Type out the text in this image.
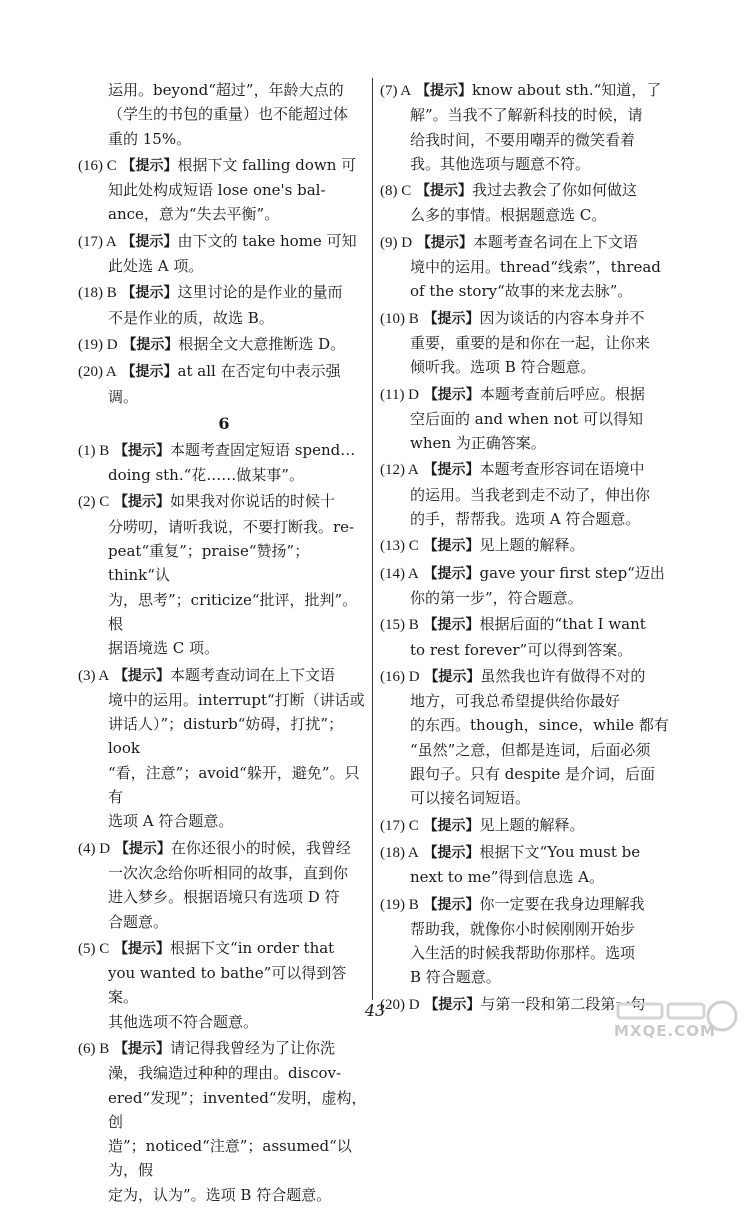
运用。beyond“超过”，年龄大点的
（学生的书包的重量）也不能超过体
重的 15%。
(16) C 【提示】根据下文 falling down 可
知此处构成短语 lose one's bal-
ance，意为“失去平衡”。
(17) A 【提示】由下文的 take home 可知
此处选 A 项。
(18) B 【提示】这里讨论的是作业的量而
不是作业的质，故选 B。
(19) D 【提示】根据全文大意推断选 D。
(20) A 【提示】at all 在否定句中表示强调。
6
(1) B 【提示】本题考查固定短语 spend…
doing sth.“花……做某事”。
(2) C 【提示】如果我对你说话的时候十
分唠叨，请听我说，不要打断我。re-
peat“重复”；praise“赞扬”；think“认
为，思考”；criticize“批评，批判”。根
据语境选 C 项。
(3) A 【提示】本题考查动词在上下文语
境中的运用。interrupt“打断（讲话或
讲话人）”；disturb“妨碍，打扰”；look
“看，注意”；avoid“躲开，避免”。只有
选项 A 符合题意。
(4) D 【提示】在你还很小的时候，我曾经
一次次念给你听相同的故事，直到你
进入梦乡。根据语境只有选项 D 符
合题意。
(5) C 【提示】根据下文“in order that
you wanted to bathe”可以得到答案。
其他选项不符合题意。
(6) B 【提示】请记得我曾经为了让你洗
澡，我编造过种种的理由。discov-
ered“发现”；invented“发明，虚构，创
造”；noticed“注意”；assumed“以为，假
定为，认为”。选项 B 符合题意。
(7) A 【提示】know about sth.“知道，了
解”。当我不了解新科技的时候，请
给我时间，不要用嘲弄的微笑看着
我。其他选项与题意不符。
(8) C 【提示】我过去教会了你如何做这
么多的事情。根据题意选 C。
(9) D 【提示】本题考查名词在上下文语
境中的运用。thread“线索”，thread
of the story“故事的来龙去脉”。
(10) B 【提示】因为谈话的内容本身并不
重要，重要的是和你在一起，让你来
倾听我。选项 B 符合题意。
(11) D 【提示】本题考查前后呼应。根据
空后面的 and when not 可以得知
when 为正确答案。
(12) A 【提示】本题考查形容词在语境中
的运用。当我老到走不动了，伸出你
的手，帮帮我。选项 A 符合题意。
(13) C 【提示】见上题的解释。
(14) A 【提示】gave your first step“迈出
你的第一步”，符合题意。
(15) B 【提示】根据后面的“that I want
to rest forever”可以得到答案。
(16) D 【提示】虽然我也许有做得不对的
地方，可我总希望提供给你最好
的东西。though，since，while 都有
“虽然”之意，但都是连词，后面必须
跟句子。只有 despite 是介词，后面
可以接名词短语。
(17) C 【提示】见上题的解释。
(18) A 【提示】根据下文“You must be
next to me”得到信息选 A。
(19) B 【提示】你一定要在我身边理解我
帮助我，就像你小时候刚刚开始步
入生活的时候我帮助你那样。选项
B 符合题意。
(20) D 【提示】与第一段和第二段第一句
43
MXQE.COM
